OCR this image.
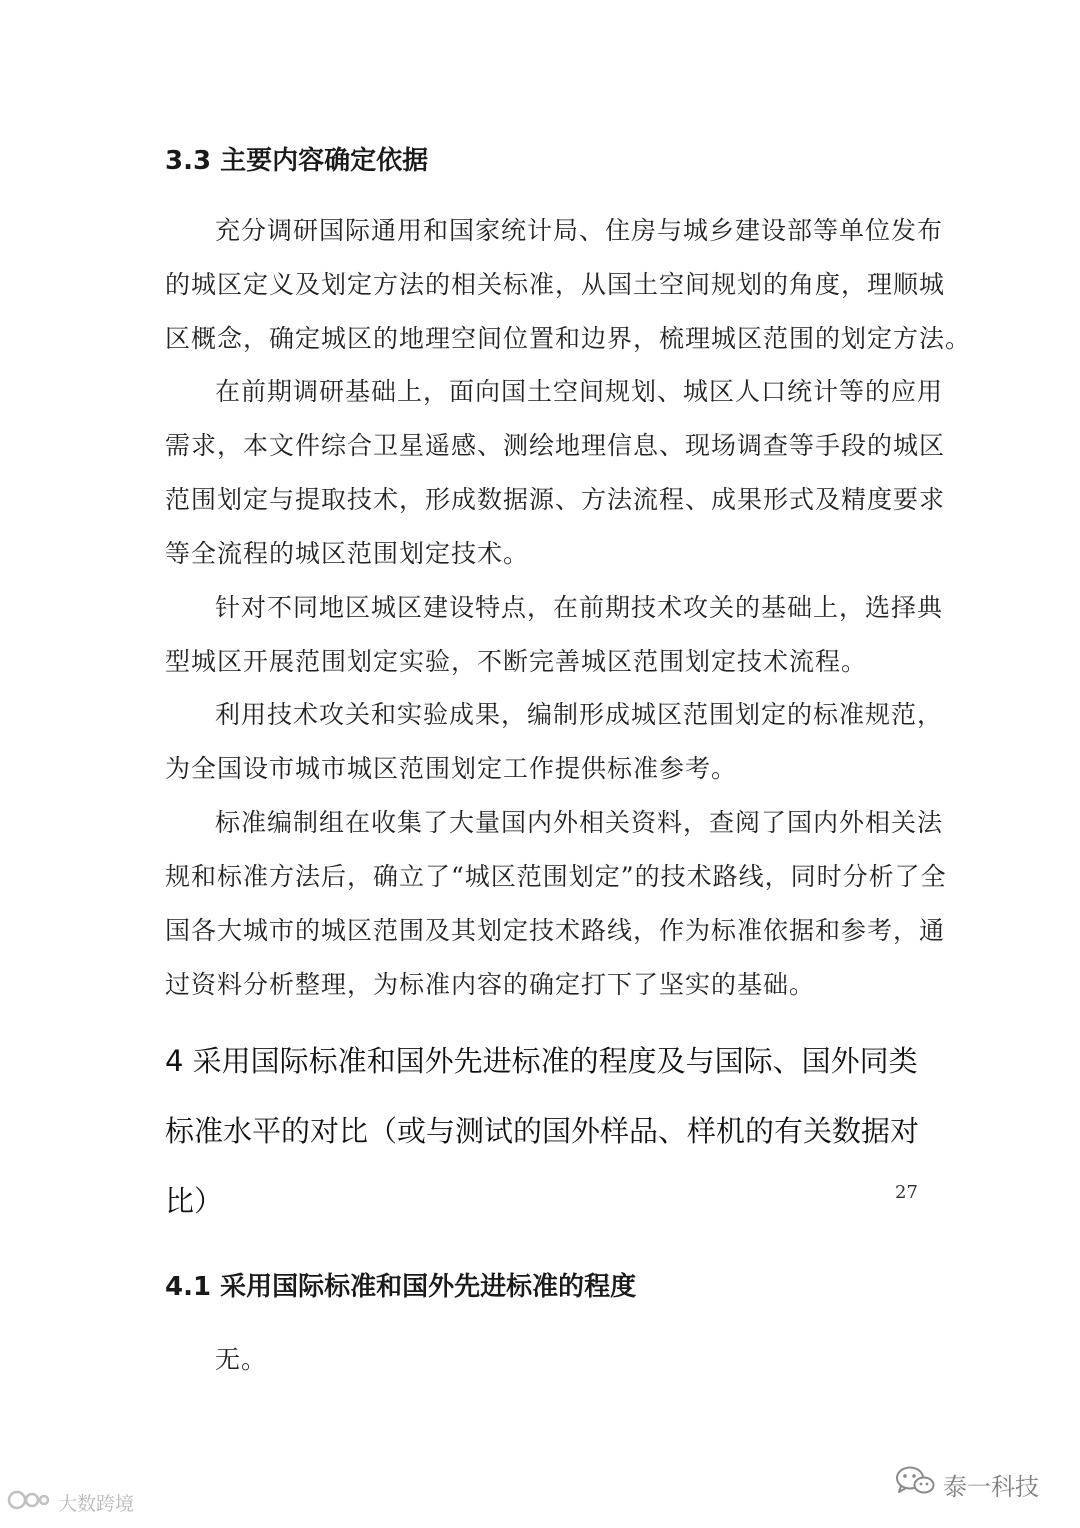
3.3 主要内容确定依据
充分调研国际通用和国家统计局、住房与城乡建设部等单位发布
的城区定义及划定方法的相关标准，从国土空间规划的角度，理顺城
区概念，确定城区的地理空间位置和边界，梳理城区范围的划定方法。
在前期调研基础上，面向国土空间规划、城区人口统计等的应用
需求，本文件综合卫星遥感、测绘地理信息、现场调查等手段的城区
范围划定与提取技术，形成数据源、方法流程、成果形式及精度要求
等全流程的城区范围划定技术。
针对不同地区城区建设特点，在前期技术攻关的基础上，选择典
型城区开展范围划定实验，不断完善城区范围划定技术流程。
利用技术攻关和实验成果，编制形成城区范围划定的标准规范，
为全国设市城市城区范围划定工作提供标准参考。
标准编制组在收集了大量国内外相关资料，查阅了国内外相关法
规和标准方法后，确立了“城区范围划定”的技术路线，同时分析了全
国各大城市的城区范围及其划定技术路线，作为标准依据和参考，通
过资料分析整理，为标准内容的确定打下了坚实的基础。
4 采用国际标准和国外先进标准的程度及与国际、国外同类
标准水平的对比（或与测试的国外样品、样机的有关数据对
比）
4.1 采用国际标准和国外先进标准的程度
无。
27
大数跨境
泰一科技
